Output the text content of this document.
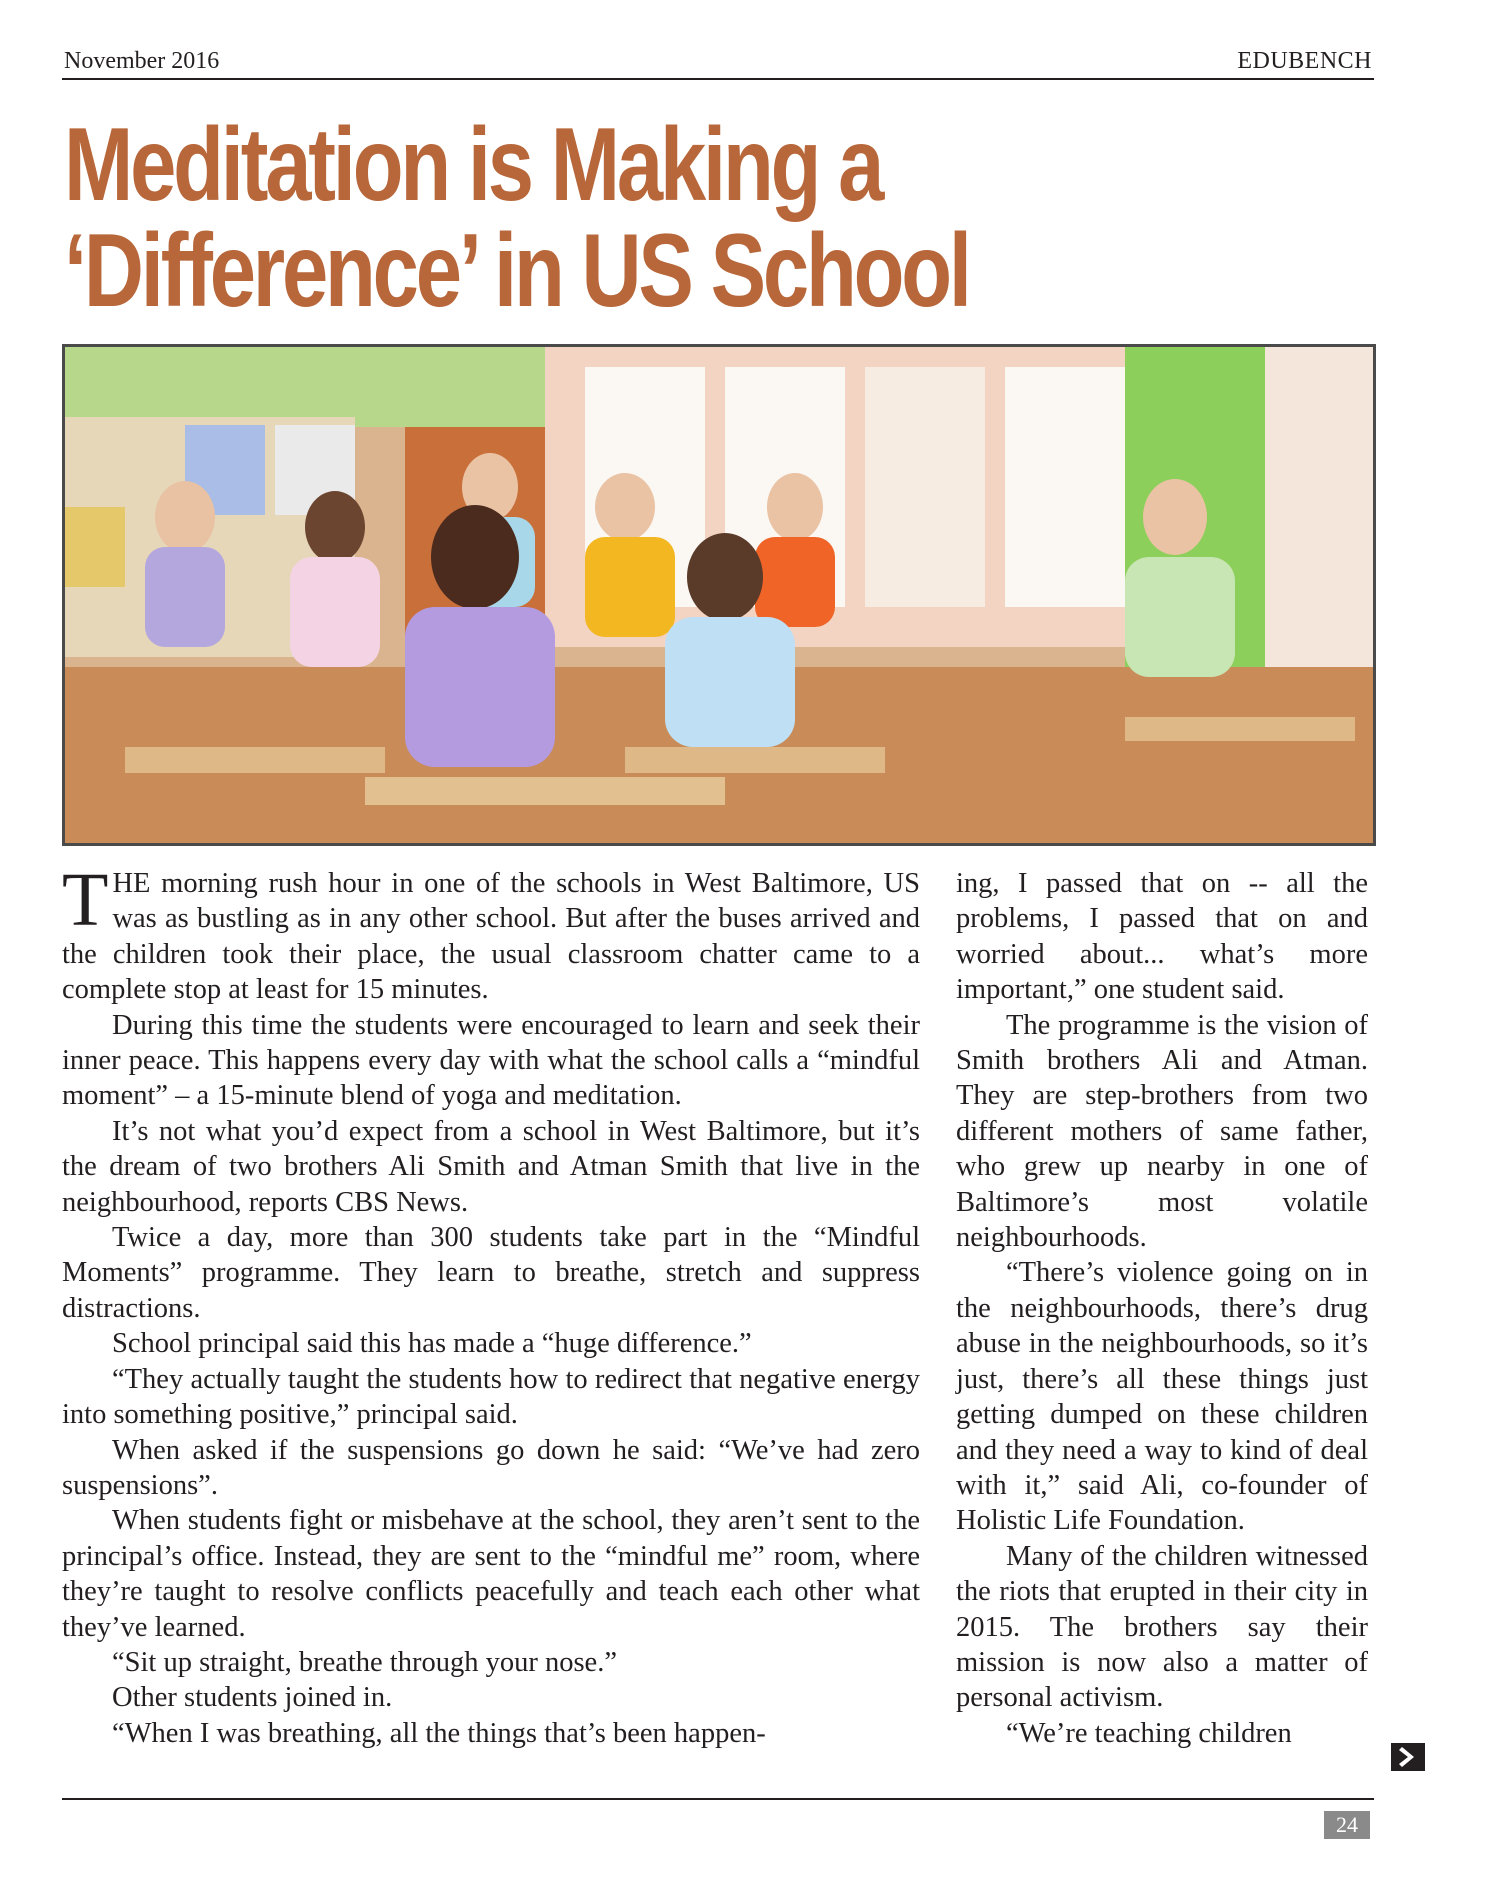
November 2016	EDUBENCH
Meditation is Making a
‘Difference’ in US School

THE morning rush hour in one of the schools in West Baltimore, US was as bustling as in any other school. But after the buses arrived and the children took their place, the usual classroom chatter came to a complete stop at least for 15 minutes.

During this time the students were encouraged to learn and seek their inner peace. This happens every day with what the school calls a “mindful moment” – a 15-minute blend of yoga and meditation.

It’s not what you’d expect from a school in West Baltimore, but it’s the dream of two brothers Ali Smith and Atman Smith that live in the neighbourhood, reports CBS News.

Twice a day, more than 300 students take part in the “Mindful Moments” programme. They learn to breathe, stretch and suppress distractions.

School principal said this has made a “huge difference.”

“They actually taught the students how to redirect that negative energy into something positive,” principal said.

When asked if the suspensions go down he said: “We’ve had zero suspensions”.

When students fight or misbehave at the school, they aren’t sent to the principal’s office. Instead, they are sent to the “mindful me” room, where they’re taught to resolve conflicts peacefully and teach each other what they’ve learned.

“Sit up straight, breathe through your nose.”

Other students joined in.

“When I was breathing, all the things that’s been happen-

ing, I passed that on -- all the problems, I passed that on and worried about... what’s more important,” one student said.

The programme is the vision of Smith brothers Ali and Atman. They are step-brothers from two different mothers of same father, who grew up nearby in one of Baltimore’s most volatile neighbourhoods.

“There’s violence going on in the neighbourhoods, there’s drug abuse in the neighbourhoods, so it’s just, there’s all these things just getting dumped on these children and they need a way to kind of deal with it,” said Ali, co-founder of Holistic Life Foundation.

Many of the children witnessed the riots that erupted in their city in 2015. The brothers say their mission is now also a matter of personal activism.

“We’re teaching children

24
